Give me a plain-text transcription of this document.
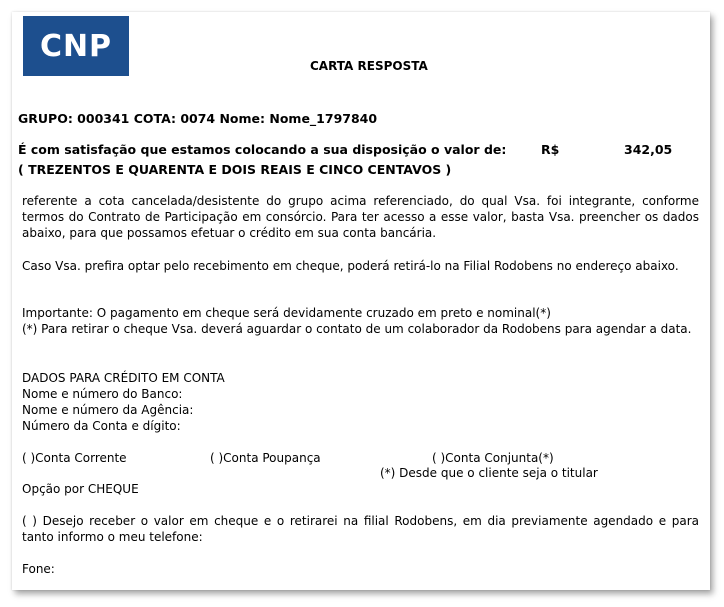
CNP
CARTA RESPOSTA
GRUPO: 000341 COTA: 0074 Nome: Nome_1797840
É com satisfação que estamos colocando a sua disposição o valor de:	R$	342,05
( TREZENTOS E QUARENTA E DOIS REAIS E CINCO CENTAVOS )
referente a cota cancelada/desistente do grupo acima referenciado, do qual Vsa. foi integrante, conforme termos do Contrato de Participação em consórcio. Para ter acesso a esse valor, basta Vsa. preencher os dados abaixo, para que possamos efetuar o crédito em sua conta bancária.
Caso Vsa. prefira optar pelo recebimento em cheque, poderá retirá-lo na Filial Rodobens no endereço abaixo.
Importante: O pagamento em cheque será devidamente cruzado em preto e nominal(*)
(*) Para retirar o cheque Vsa. deverá aguardar o contato de um colaborador da Rodobens para agendar a data.
DADOS PARA CRÉDITO EM CONTA
Nome e número do Banco:
Nome e número da Agência:
Número da Conta e dígito:
( )Conta Corrente	( )Conta Poupança	( )Conta Conjunta(*)
(*) Desde que o cliente seja o titular
Opção por CHEQUE
( ) Desejo receber o valor em cheque e o retirarei na filial Rodobens, em dia previamente agendado e para tanto informo o meu telefone:
Fone:
